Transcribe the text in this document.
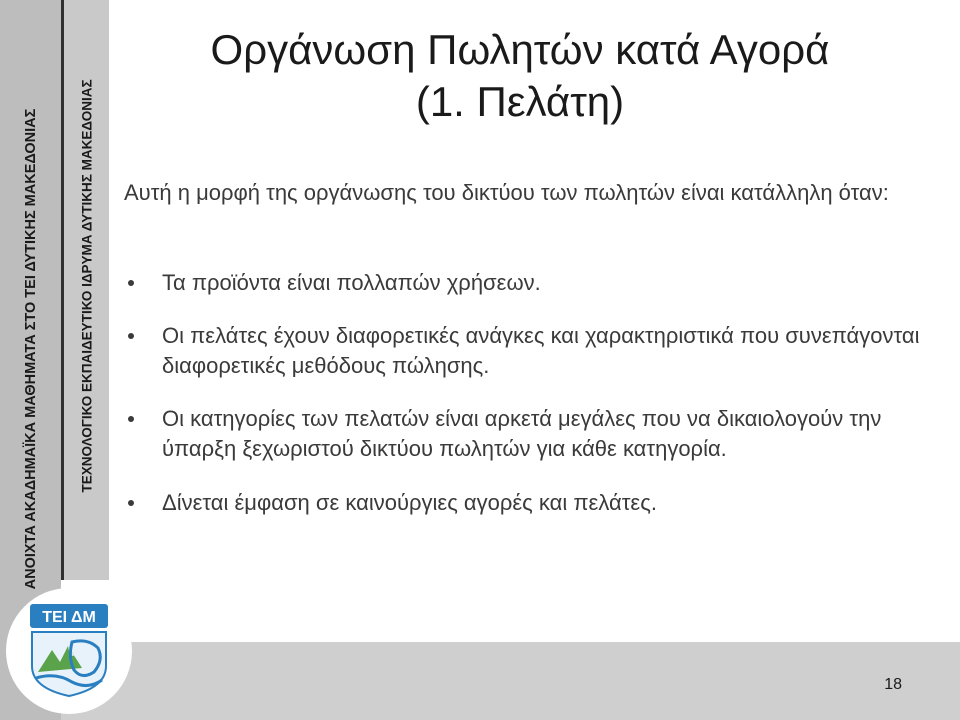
ΑΝΟΙΧΤΑ ΑΚΑΔΗΜΑΪΚΑ ΜΑΘΗΜΑΤΑ ΣΤΟ ΤΕΙ ΔΥΤΙΚΗΣ ΜΑΚΕΔΟΝΙΑΣ	ΤΕΧΝΟΛΟΓΙΚΟ ΕΚΠΑΙΔΕΥΤΙΚΟ ΙΔΡΥΜΑ ΔΥΤΙΚΗΣ ΜΑΚΕΔΟΝΙΑΣ
ΤΕΙ ΔΜ
Οργάνωση Πωλητών κατά Αγορά
(1. Πελάτη)

Αυτή η μορφή της οργάνωσης του δικτύου των πωλητών είναι κατάλληλη όταν:

Τα προϊόντα είναι πολλαπών χρήσεων.
Οι πελάτες έχουν διαφορετικές ανάγκες και χαρακτηριστικά που συνεπάγονται διαφορετικές μεθόδους πώλησης.
Οι κατηγορίες των πελατών είναι αρκετά μεγάλες που να δικαιολογούν την ύπαρξη ξεχωριστού δικτύου πωλητών για κάθε κατηγορία.
Δίνεται έμφαση σε καινούργιες αγορές και πελάτες.
18
